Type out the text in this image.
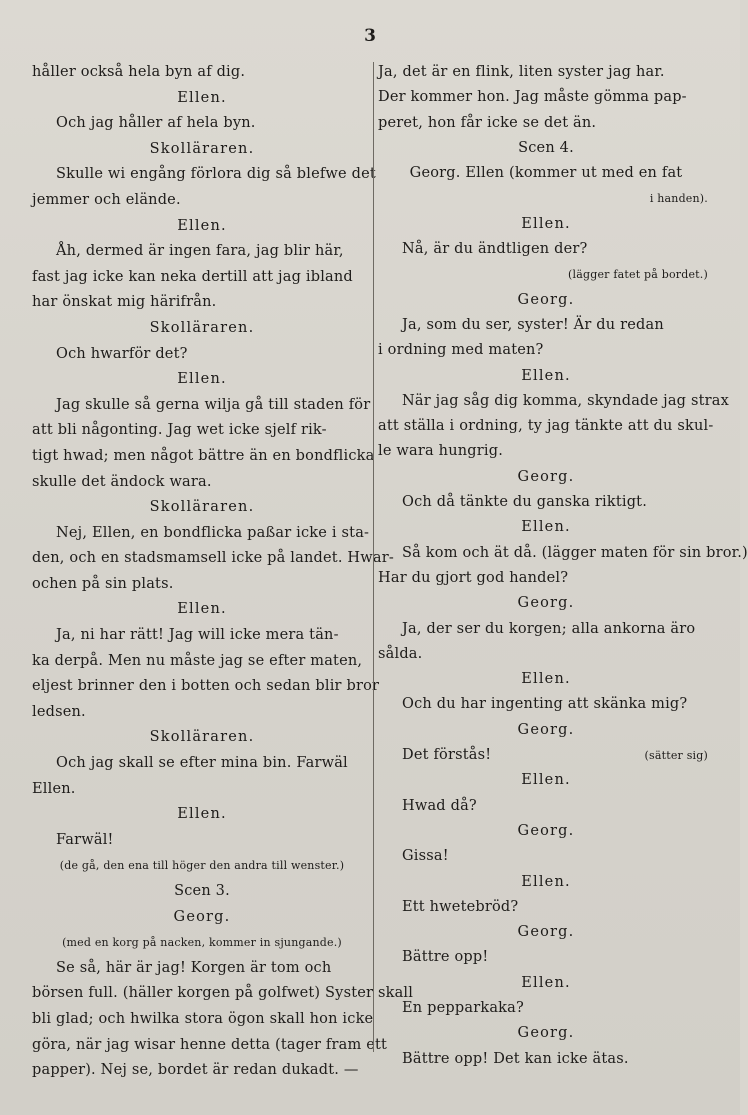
3
håller också hela byn af dig.
Ellen.
Och jag håller af hela byn.
Skolläraren.
Skulle wi engång förlora dig så blefwe det
jemmer och elände.
Ellen.
Åh, dermed är ingen fara, jag blir här,
fast jag icke kan neka dertill att jag ibland
har önskat mig härifrån.
Skolläraren.
Och hwarför det?
Ellen.
Jag skulle så gerna wilja gå till staden för
att bli någonting. Jag wet icke sjelf rik-
tigt hwad; men något bättre än en bondflicka
skulle det ändock wara.
Skolläraren.
Nej, Ellen, en bondflicka paßar icke i sta-
den, och en stadsmamsell icke på landet. Hwar-
ochen på sin plats.
Ellen.
Ja, ni har rätt! Jag will icke mera tän-
ka derpå. Men nu måste jag se efter maten,
eljest brinner den i botten och sedan blir bror
ledsen.
Skolläraren.
Och jag skall se efter mina bin. Farwäl
Ellen.
Ellen.
Farwäl!
(de gå, den ena till höger den andra till wenster.)
Scen 3.
Georg.
(med en korg på nacken, kommer in sjungande.)
Se så, här är jag! Korgen är tom och
börsen full. (häller korgen på golfwet) Syster skall
bli glad; och hwilka stora ögon skall hon icke
göra, när jag wisar henne detta (tager fram ett
papper). Nej se, bordet är redan dukadt. —
Ja, det är en flink, liten syster jag har.
Der kommer hon. Jag måste gömma pap-
peret, hon får icke se det än.
Scen 4.
Georg. Ellen (kommer ut med en fat
i handen).
Ellen.
Nå, är du ändtligen der?
(lägger fatet på bordet.)
Georg.
Ja, som du ser, syster! Är du redan
i ordning med maten?
Ellen.
När jag såg dig komma, skyndade jag strax
att ställa i ordning, ty jag tänkte att du skul-
le wara hungrig.
Georg.
Och då tänkte du ganska riktigt.
Ellen.
Så kom och ät då. (lägger maten för sin bror.)
Har du gjort god handel?
Georg.
Ja, der ser du korgen; alla ankorna äro
sålda.
Ellen.
Och du har ingenting att skänka mig?
Georg.
Det förstås!	(sätter sig)
Ellen.
Hwad då?
Georg.
Gissa!
Ellen.
Ett hwetebröd?
Georg.
Bättre opp!
Ellen.
En pepparkaka?
Georg.
Bättre opp! Det kan icke ätas.
